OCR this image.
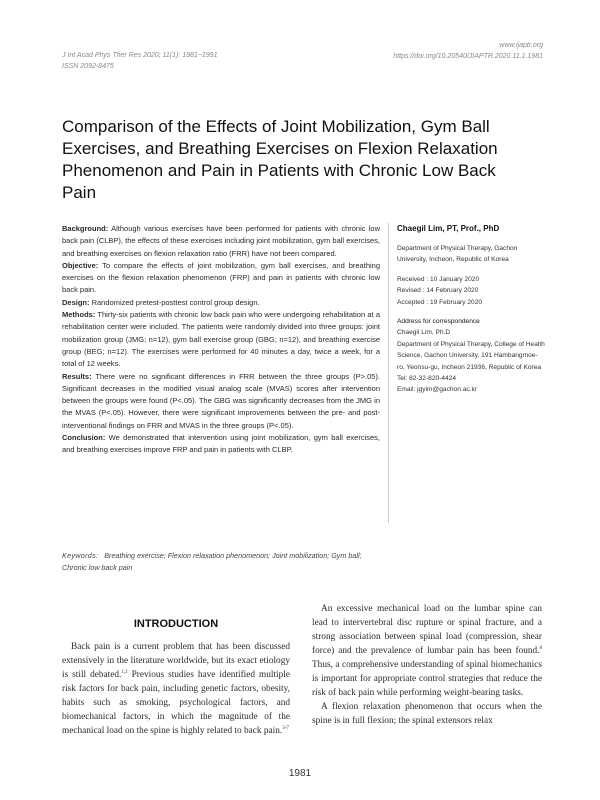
J Int Acad Phys Ther Res 2020; 11(1): 1981~1991
ISSN 2092-8475
www.ijaptr.org
https://doi.org/10.20540/JIAPTR.2020.11.1.1981
Comparison of the Effects of Joint Mobilization, Gym Ball
Exercises, and Breathing Exercises on Flexion Relaxation
Phenomenon and Pain in Patients with Chronic Low Back
Pain

Background: Although various exercises have been performed for patients with chronic low back pain (CLBP), the effects of these exercises including joint mobilization, gym ball exercises, and breathing exercises on flexion relaxation ratio (FRR) have not been compared.

Objective: To compare the effects of joint mobilization, gym ball exercises, and breathing exercises on the flexion relaxation phenomenon (FRP) and pain in patients with chronic low back pain.

Design: Randomized pretest-posttest control group design.

Methods: Thirty-six patients with chronic low back pain who were undergoing rehabilitation at a rehabilitation center were included. The patients were randomly divided into three groups: joint mobilization group (JMG; n=12), gym ball exercise group (GBG; n=12), and breathing exercise group (BEG; n=12). The exercises were performed for 40 minutes a day, twice a week, for a total of 12 weeks.

Results: There were no significant differences in FRR between the three groups (P>.05). Significant decreases in the modified visual analog scale (MVAS) scores after intervention between the groups were found (P<.05). The GBG was significantly decreases from the JMG in the MVAS (P<.05). However, there were significant improvements between the pre- and post-interventional findings on FRR and MVAS in the three groups (P<.05).

Conclusion: We demonstrated that intervention using joint mobilization, gym ball exercises, and breathing exercises improve FRP and pain in patients with CLBP.

Chaegil Lim, PT, Prof., PhD
Department of Physical Therapy, Gachon University, Incheon, Republic of Korea
Received : 10 January 2020
Revised : 14 February 2020
Accepted : 19 February 2020
Address for correspondence
Chaegil Lim, Ph.D
Department of Physical Therapy, College of Health Science, Gachon University, 191 Hambangmoe-ro, Yeonsu-gu, Incheon 21936, Republic of Korea
Tel: 82-32-820-4424
Email: jgyim@gachon.ac.kr
Keywords: Breathing exercise; Flexion relaxation phenomenon; Joint mobilization; Gym ball; Chronic low back pain
INTRODUCTION

Back pain is a current problem that has been discussed extensively in the literature worldwide, but its exact etiology is still debated.$^{1,2}$ Previous studies have identified multiple risk factors for back pain, including genetic factors, obesity, habits such as smoking, psychological factors, and biomechanical factors, in which the magnitude of the mechanical load on the spine is highly related to back pain.$^{3-7}$

An excessive mechanical load on the lumbar spine can lead to intervertebral disc rupture or spinal fracture, and a strong association between spinal load (compression, shear force) and the prevalence of lumbar pain has been found.$^8$ Thus, a comprehensive understanding of spinal biomechanics is important for appropriate control strategies that reduce the risk of back pain while performing weight-bearing tasks.

A flexion relaxation phenomenon that occurs when the spine is in full flexion; the spinal extensors relax

1981
